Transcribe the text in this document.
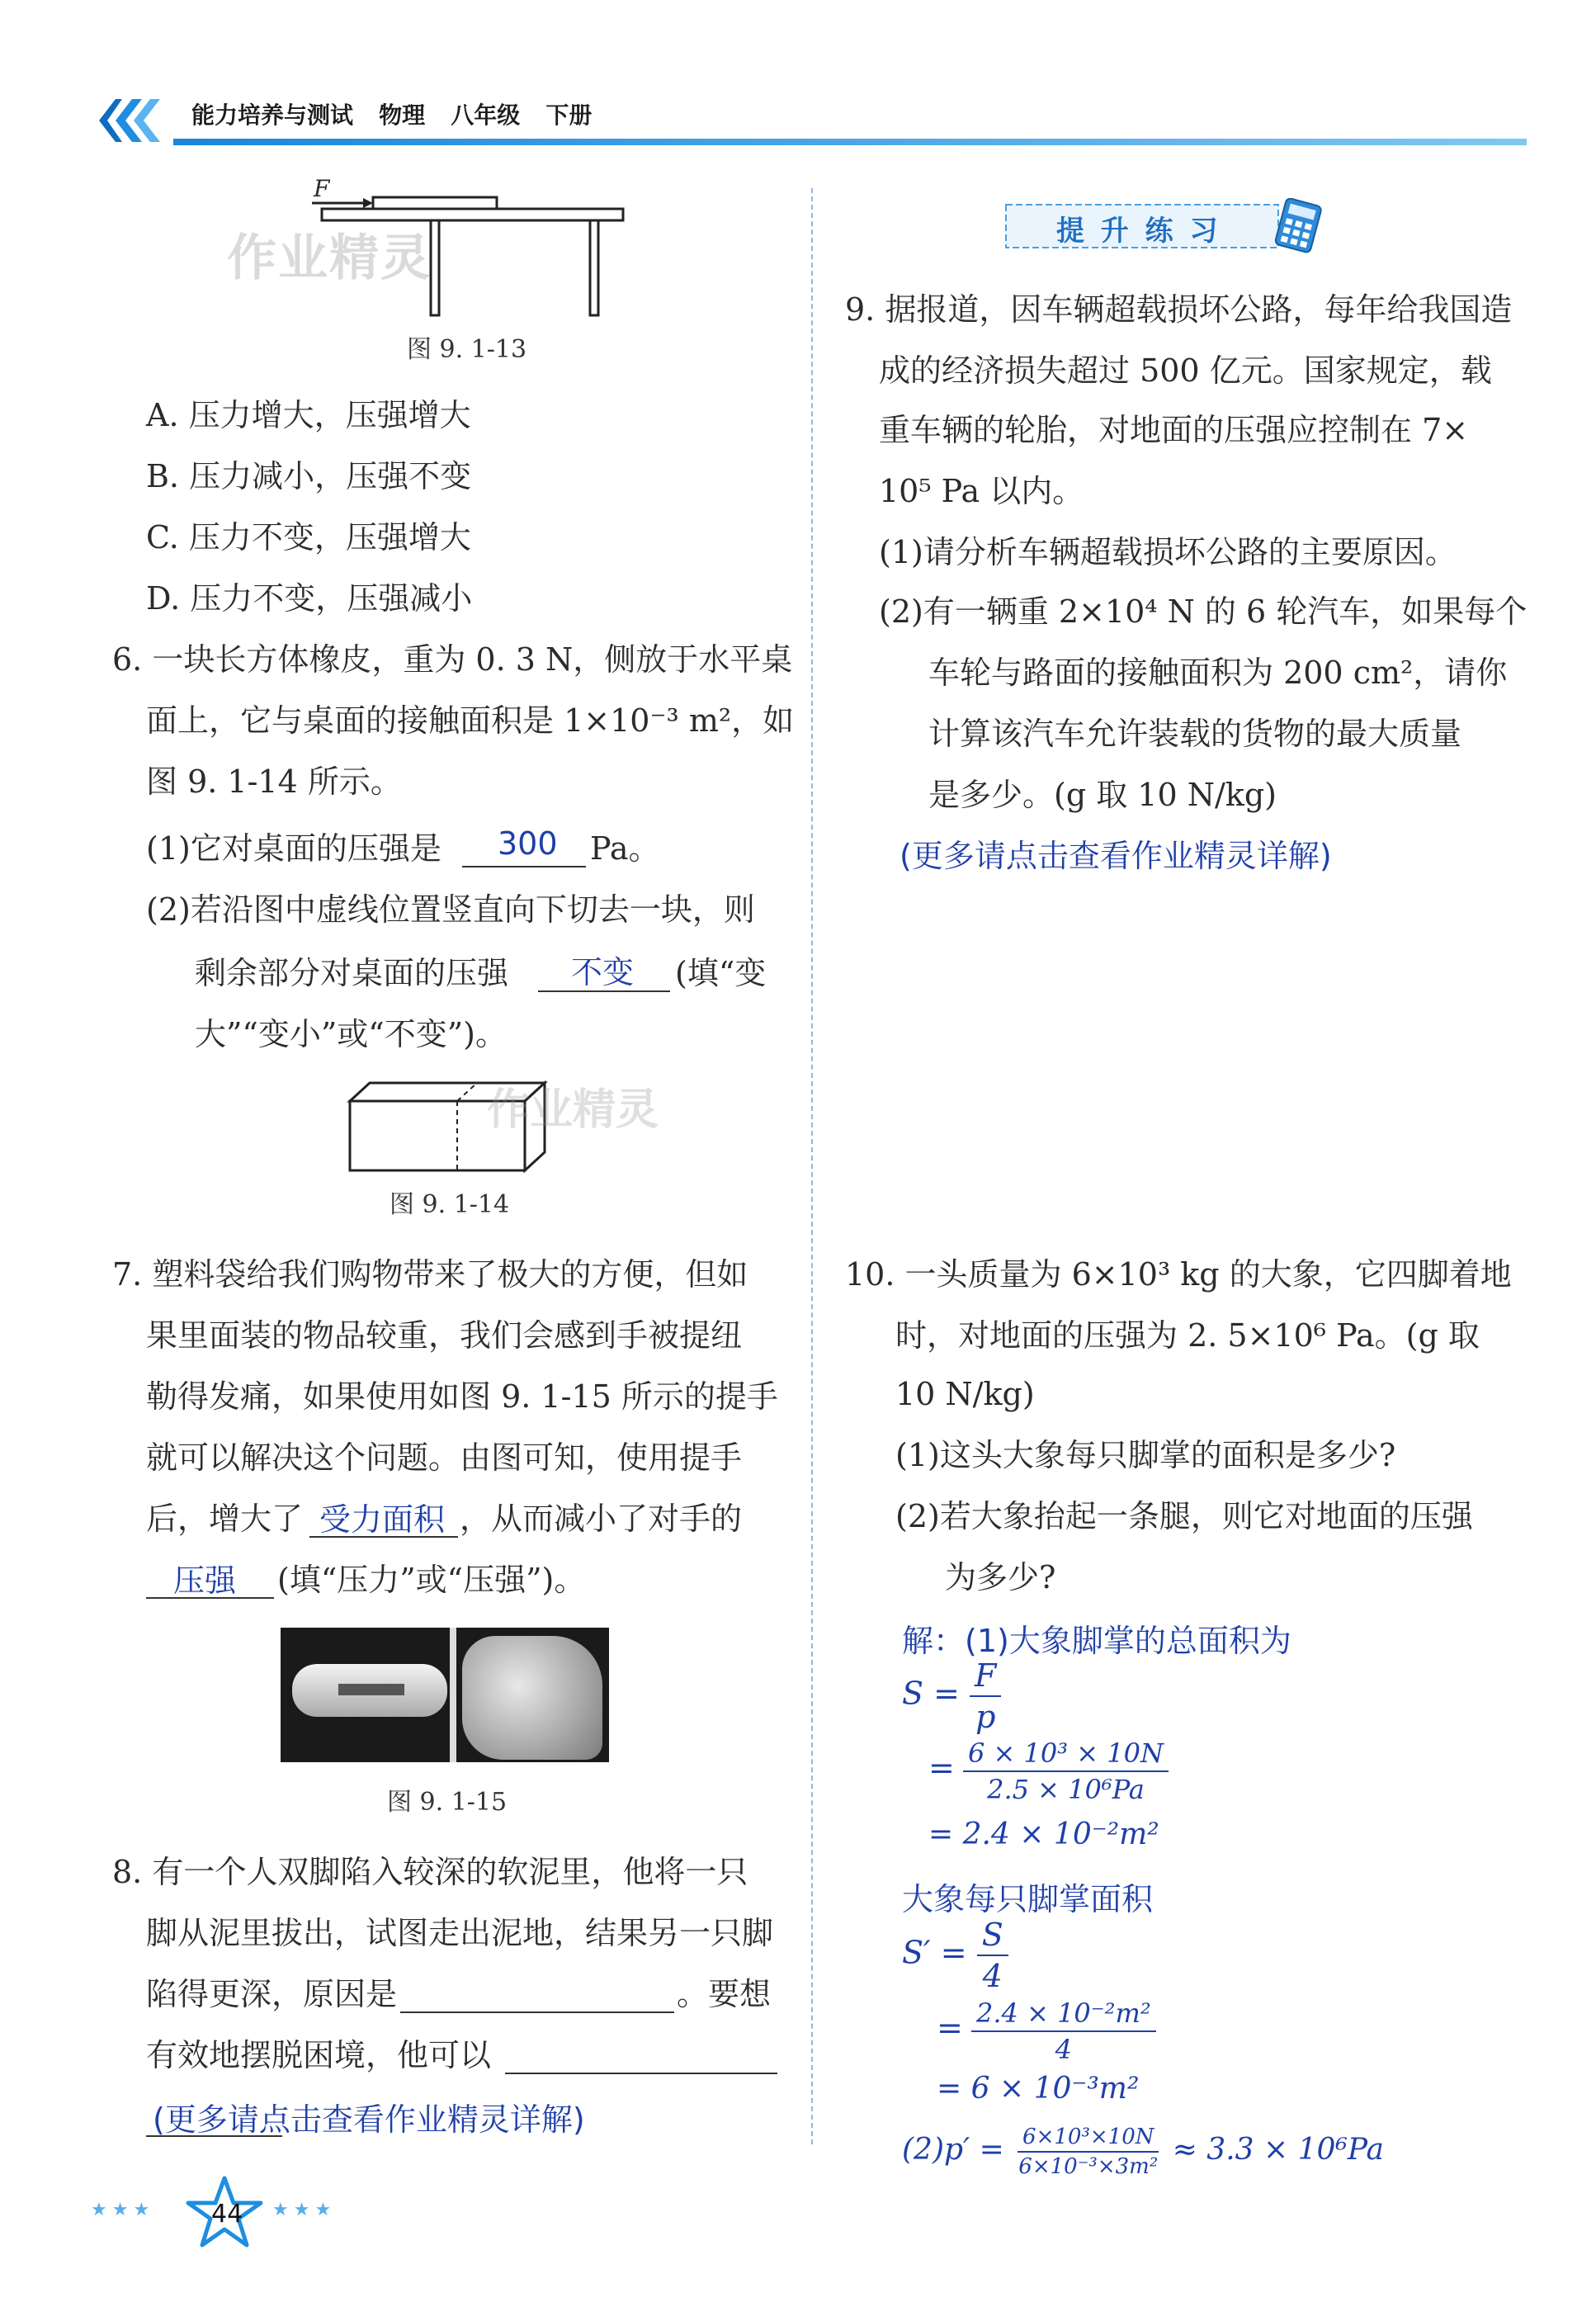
能力培养与测试 物理 八年级 下册
F
作业精灵
图 9. 1-13
A. 压力增大，压强增大
B. 压力减小，压强不变
C. 压力不变，压强增大
D. 压力不变，压强减小
6. 一块长方体橡皮，重为 0. 3 N，侧放于水平桌
面上，它与桌面的接触面积是 1×10⁻³ m²，如
图 9. 1-14 所示。
(1)它对桌面的压强是 300 Pa。
(2)若沿图中虚线位置竖直向下切去一块，则
剩余部分对桌面的压强 不变 (填“变
大”“变小”或“不变”)。
作业精灵
图 9. 1-14
7. 塑料袋给我们购物带来了极大的方便，但如
果里面装的物品较重，我们会感到手被提纽
勒得发痛，如果使用如图 9. 1-15 所示的提手
就可以解决这个问题。由图可知，使用提手
后，增大了 受力面积 ，从而减小了对手的
压强 (填“压力”或“压强”)。
图 9. 1-15
8. 有一个人双脚陷入较深的软泥里，他将一只
脚从泥里拔出，试图走出泥地，结果另一只脚
陷得更深，原因是	。要想
有效地摆脱困境，他可以
(更多请点击查看作业精灵详解)
★★★	★★★
44
提 升 练 习
9. 据报道，因车辆超载损坏公路，每年给我国造
成的经济损失超过 500 亿元。国家规定，载
重车辆的轮胎，对地面的压强应控制在 7×
10⁵ Pa 以内。
(1)请分析车辆超载损坏公路的主要原因。
(2)有一辆重 2×10⁴ N 的 6 轮汽车，如果每个
车轮与路面的接触面积为 200 cm²，请你
计算该汽车允许装载的货物的最大质量
是多少。(g 取 10 N/kg)
(更多请点击查看作业精灵详解)
10. 一头质量为 6×10³ kg 的大象，它四脚着地
时，对地面的压强为 2. 5×10⁶ Pa。(g 取
10 N/kg)
(1)这头大象每只脚掌的面积是多少?
(2)若大象抬起一条腿，则它对地面的压强
为多少?
解：(1)大象脚掌的总面积为
$S = \frac{F}{p}$
= $\frac{\text{6 × 10³ × 10N}}{\text{2.5 × 10⁶Pa}}$
= 2.4 × 10⁻²m²
大象每只脚掌面积
$S' = \frac{S}{4}$
= $\frac{\text{2.4 × 10⁻²m²}}{4}$
= 6 × 10⁻³m²
$(2)p' = \frac{\text{6×10³×10N}}{\text{6×10⁻³×3m²}} \approx 3.3 \times 10^6Pa$
